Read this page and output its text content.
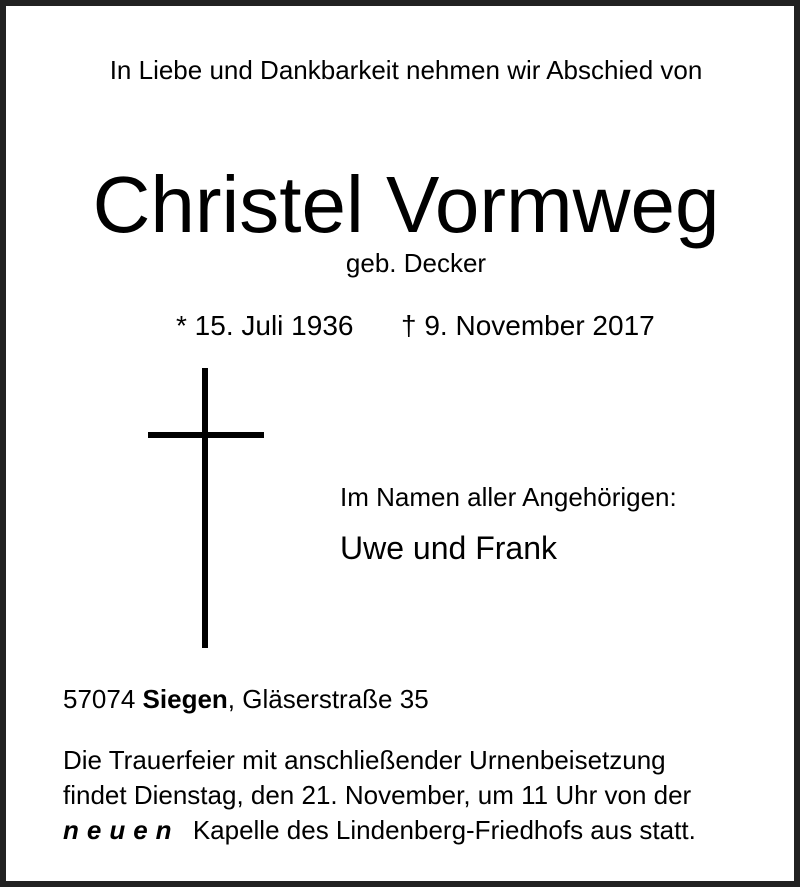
In Liebe und Dankbarkeit nehmen wir Abschied von
Christel Vormweg
geb. Decker
* 15. Juli 1936 † 9. November 2017
Im Namen aller Angehörigen:
Uwe und Frank
57074 Siegen, Gläserstraße 35
Die Trauerfeier mit anschließender Urnenbeisetzung
findet Dienstag, den 21. November, um 11 Uhr von der
neuen Kapelle des Lindenberg-Friedhofs aus statt.
